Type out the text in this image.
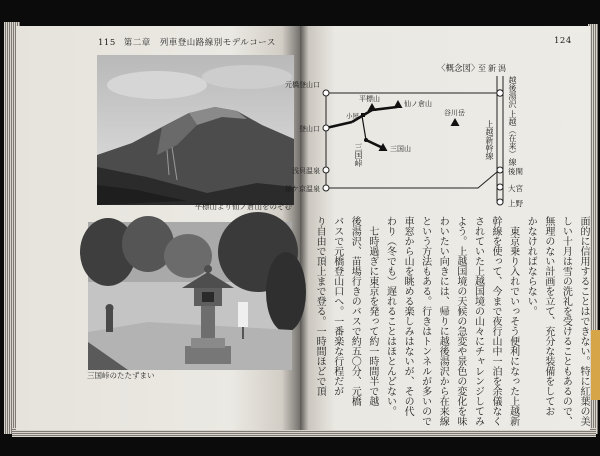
115 第二章　列車登山路線別モデルコース	124
平標山より仙ノ倉山をのぞむ
三国峠のたたずまい
〈概念図〉
至新潟
元橋登山口
登山口
浅貝温泉
猿ケ京温泉
後閑
大宮
上野
平標山
仙ノ倉山
谷川岳
小屋
三国山
越後湯沢
上越（在来）線
上越新幹線
三国峠
面的に信用することはできない。特に紅葉の美
しい十月は雪の洗礼を受けることもあるので、
無理のない計画を立て、充分な装備をしてお
かなければならない。
　東京乗り入れでいっそう便利になった上越新
幹線を使って、今まで夜行山中一泊を余儀なく
されていた上越国境の山々にチャレンジしてみ
よう。上越国境の天候の急変や景色の変化を味
わいたい向きには、帰りに越後湯沢から在来線
という方法もある。行きはトンネルが多いので
車窓から山を眺める楽しみはないが、その代
わり（冬でも）遅れることはほとんどない。
　七時過ぎに東京を発って約一時間半で越
後湯沢、苗場行きのバスで約五〇分、元橋
バスで元橋登山口へ。一番楽な行程だが
り自由で頂上まで登る。一時間ほどで頂
